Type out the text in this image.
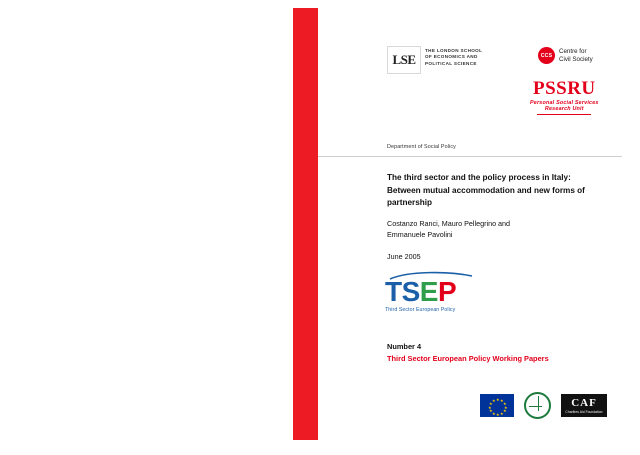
LSE
THE LONDON SCHOOL
OF ECONOMICS AND
POLITICAL SCIENCE
CCS
Centre for
Civil Society
PSSRU
Personal Social Services
Research Unit
Department of Social Policy
The third sector and the policy process in Italy: Between mutual accommodation and new forms of partnership
Costanzo Ranci, Mauro Pellegrino and
Emmanuele Pavolini
June 2005
TSEP
Third Sector European Policy
Number 4
Third Sector European Policy Working Papers
★ ★
★
★
★
★
★
★
★
★
★
★	CAF
Charities Aid Foundation
